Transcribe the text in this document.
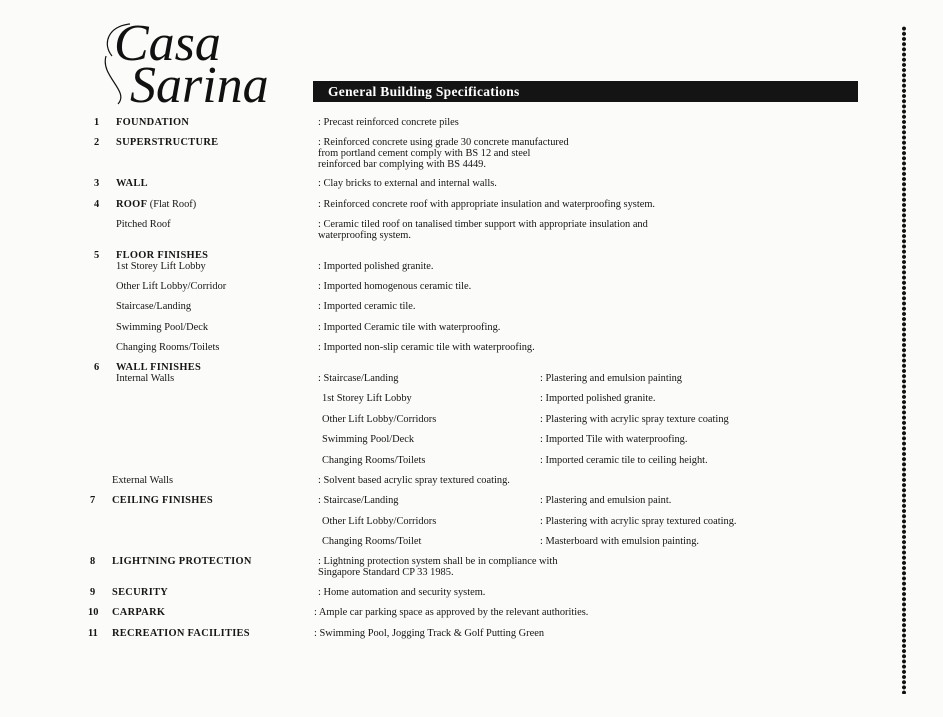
Casa
Sarina	General Building Specifications
1 FOUNDATION	: Precast reinforced concrete piles
2 SUPERSTRUCTURE	: Reinforced concrete using grade 30 concrete manufactured
from portland cement comply with BS 12 and steel
reinforced bar complying with BS 4449.
3 WALL	: Clay bricks to external and internal walls.
4 ROOF (Flat Roof)	: Reinforced concrete roof with appropriate insulation and waterproofing system.
Pitched Roof	: Ceramic tiled roof on tanalised timber support with appropriate insulation and
waterproofing system.
5 FLOOR FINISHES
1st Storey Lift Lobby	: Imported polished granite.
Other Lift Lobby/Corridor	: Imported homogenous ceramic tile.
Staircase/Landing	: Imported ceramic tile.
Swimming Pool/Deck	: Imported Ceramic tile with waterproofing.
Changing Rooms/Toilets	: Imported non-slip ceramic tile with waterproofing.
6 WALL FINISHES
Internal Walls	: Staircase/Landing	: Plastering and emulsion painting
1st Storey Lift Lobby	: Imported polished granite.
Other Lift Lobby/Corridors	: Plastering with acrylic spray texture coating
Swimming Pool/Deck	: Imported Tile with waterproofing.
Changing Rooms/Toilets	: Imported ceramic tile to ceiling height.
External Walls	: Solvent based acrylic spray textured coating.
7 CEILING FINISHES	: Staircase/Landing	: Plastering and emulsion paint.
Other Lift Lobby/Corridors	: Plastering with acrylic spray textured coating.
Changing Rooms/Toilet	: Masterboard with emulsion painting.
8 LIGHTNING PROTECTION	: Lightning protection system shall be in compliance with
Singapore Standard CP 33 1985.
9 SECURITY	: Home automation and security system.
10 CARPARK	: Ample car parking space as approved by the relevant authorities.
11 RECREATION FACILITIES	: Swimming Pool, Jogging Track & Golf Putting Green
